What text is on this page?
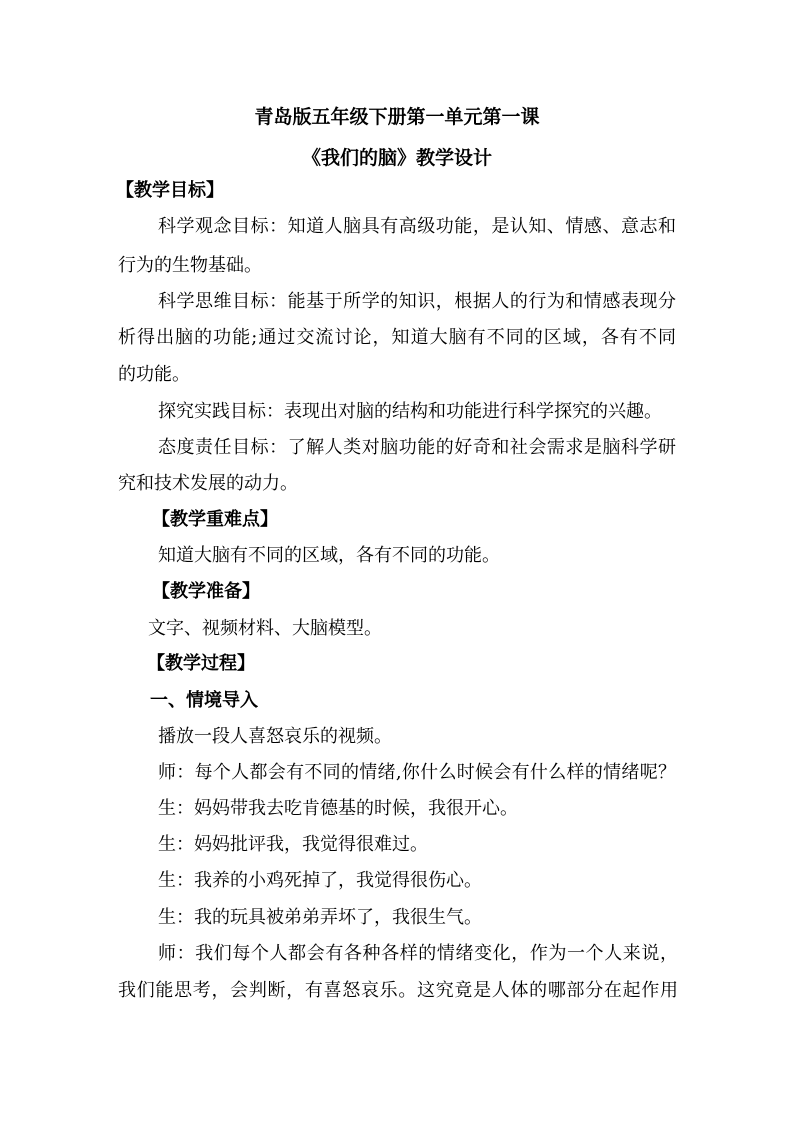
青岛版五年级下册第一单元第一课
《我们的脑》教学设计
【教学目标】
科学观念目标：知道人脑具有高级功能，是认知、情感、意志和
行为的生物基础。
科学思维目标：能基于所学的知识，根据人的行为和情感表现分
析得出脑的功能;通过交流讨论，知道大脑有不同的区域，各有不同
的功能。
探究实践目标：表现出对脑的结构和功能进行科学探究的兴趣。
态度责任目标：了解人类对脑功能的好奇和社会需求是脑科学研
究和技术发展的动力。
【教学重难点】
知道大脑有不同的区域，各有不同的功能。
【教学准备】
文字、视频材料、大脑模型。
【教学过程】
一、情境导入
播放一段人喜怒哀乐的视频。
师：每个人都会有不同的情绪,你什么时候会有什么样的情绪呢？
生：妈妈带我去吃肯德基的时候，我很开心。
生：妈妈批评我，我觉得很难过。
生：我养的小鸡死掉了，我觉得很伤心。
生：我的玩具被弟弟弄坏了，我很生气。
师：我们每个人都会有各种各样的情绪变化，作为一个人来说，
我们能思考，会判断，有喜怒哀乐。这究竟是人体的哪部分在起作用
